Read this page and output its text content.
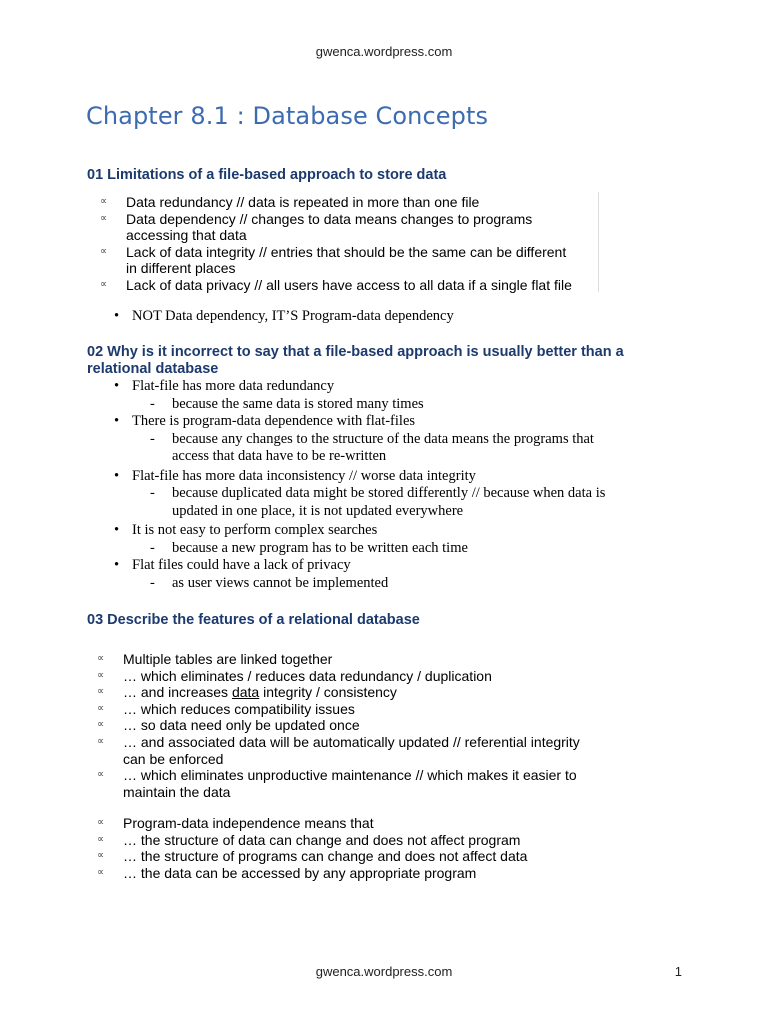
gwenca.wordpress.com
Chapter 8.1 : Database Concepts

01 Limitations of a file-based approach to store data

∝ Data redundancy // data is repeated in more than one file
∝ Data dependency // changes to data means changes to programs
accessing that data
∝ Lack of data integrity // entries that should be the same can be different
in different places
∝ Lack of data privacy // all users have access to all data if a single flat file
• NOT Data dependency, IT’S Program-data dependency

02 Why is it incorrect to say that a file-based approach is usually better than a
relational database

• Flat-file has more data redundancy
- because the same data is stored many times
• There is program-data dependence with flat-files
- because any changes to the structure of the data means the programs that
access that data have to be re-written
• Flat-file has more data inconsistency // worse data integrity
- because duplicated data might be stored differently // because when data is
updated in one place, it is not updated everywhere
• It is not easy to perform complex searches
- because a new program has to be written each time
• Flat files could have a lack of privacy
- as user views cannot be implemented

03 Describe the features of a relational database

∝ Multiple tables are linked together
∝ … which eliminates / reduces data redundancy / duplication
∝ … and increases data integrity / consistency
∝ … which reduces compatibility issues
∝ … so data need only be updated once
∝ … and associated data will be automatically updated // referential integrity
can be enforced
∝ … which eliminates unproductive maintenance // which makes it easier to
maintain the data
∝ Program-data independence means that
∝ … the structure of data can change and does not affect program
∝ … the structure of programs can change and does not affect data
∝ … the data can be accessed by any appropriate program
gwenca.wordpress.com	1
